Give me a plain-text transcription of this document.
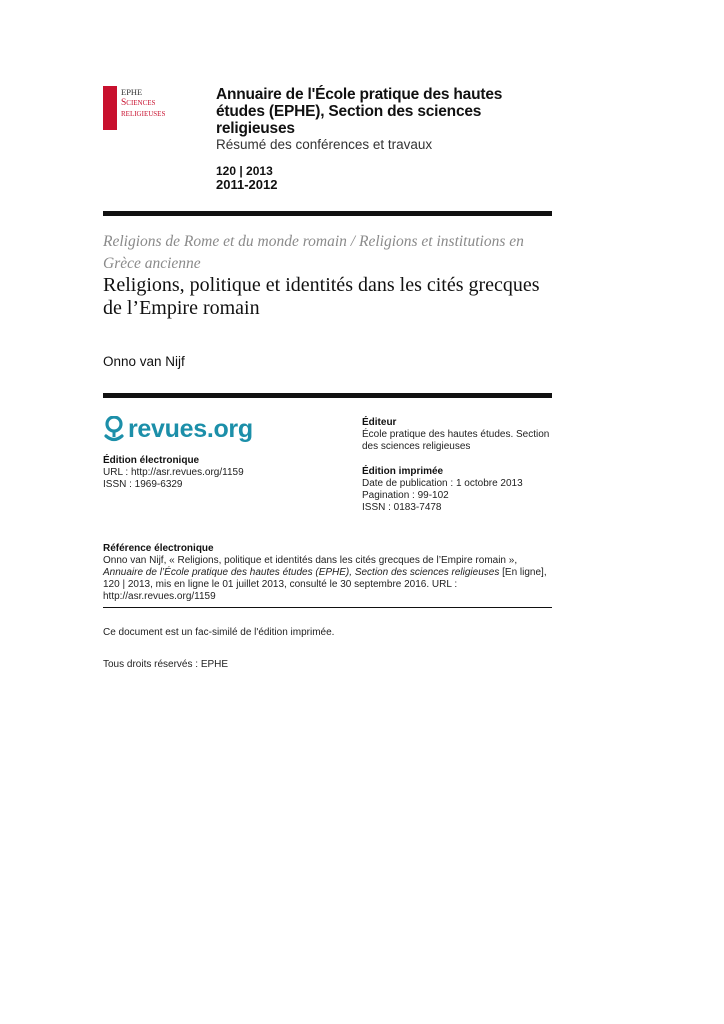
EPHE
Sciences
religieuses
Annuaire de l'École pratique des hautes études (EPHE), Section des sciences religieuses
Résumé des conférences et travaux
120 | 2013
2011-2012
Religions de Rome et du monde romain / Religions et institutions en Grèce ancienne
Religions, politique et identités dans les cités grecques de l’Empire romain
Onno van Nijf
revues.org
Édition électronique
URL : http://asr.revues.org/1159
ISSN : 1969-6329
Éditeur
École pratique des hautes études. Section des sciences religieuses
Édition imprimée
Date de publication : 1 octobre 2013
Pagination : 99-102
ISSN : 0183-7478
Référence électronique
Onno van Nijf, « Religions, politique et identités dans les cités grecques de l’Empire romain », Annuaire de l’École pratique des hautes études (EPHE), Section des sciences religieuses [En ligne], 120 | 2013, mis en ligne le 01 juillet 2013, consulté le 30 septembre 2016. URL : http://asr.revues.org/1159
Ce document est un fac-similé de l'édition imprimée.
Tous droits réservés : EPHE
